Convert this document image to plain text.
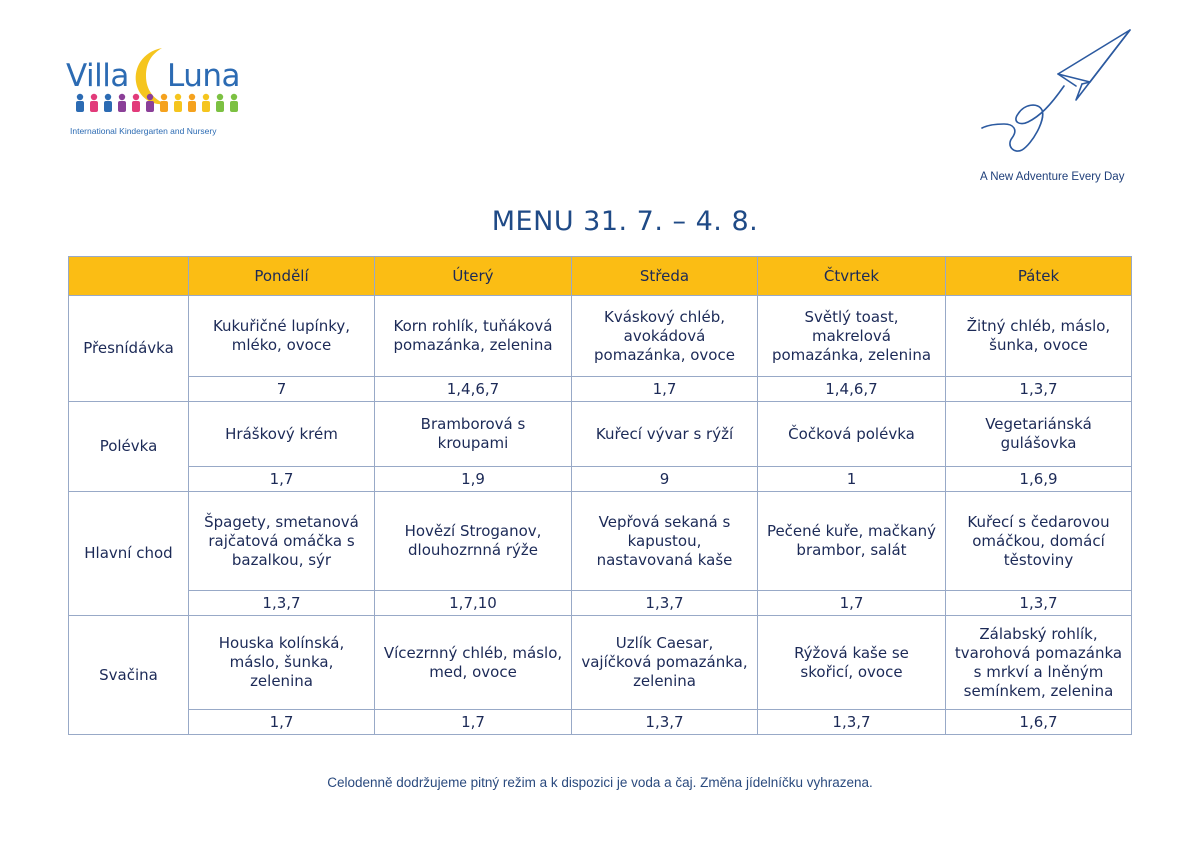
Villa Luna
International Kindergarten and Nursery
A New Adventure Every Day
MENU 31. 7. – 4. 8.
	Pondělí	Úterý	Středa	Čtvrtek	Pátek
Přesnídávka	Kukuřičné lupínky, mléko, ovoce	Korn rohlík, tuňáková pomazánka, zelenina	Kváskový chléb, avokádová pomazánka, ovoce	Světlý toast, makrelová pomazánka, zelenina	Žitný chléb, máslo, šunka, ovoce
	7	1,4,6,7	1,7	1,4,6,7	1,3,7
Polévka	Hráškový krém	Bramborová s kroupami	Kuřecí vývar s rýží	Čočková polévka	Vegetariánská gulášovka
	1,7	1,9	9	1	1,6,9
Hlavní chod	Špagety, smetanová rajčatová omáčka s bazalkou, sýr	Hovězí Stroganov, dlouhozrnná rýže	Vepřová sekaná s kapustou, nastavovaná kaše	Pečené kuře, mačkaný brambor, salát	Kuřecí s čedarovou omáčkou, domácí těstoviny
	1,3,7	1,7,10	1,3,7	1,7	1,3,7
Svačina	Houska kolínská, máslo, šunka, zelenina	Vícezrnný chléb, máslo, med, ovoce	Uzlík Caesar, vajíčková pomazánka, zelenina	Rýžová kaše se skořicí, ovoce	Zálabský rohlík, tvarohová pomazánka s mrkví a lněným semínkem, zelenina
	1,7	1,7	1,3,7	1,3,7	1,6,7
Celodenně dodržujeme pitný režim a k dispozici je voda a čaj. Změna jídelníčku vyhrazena.
